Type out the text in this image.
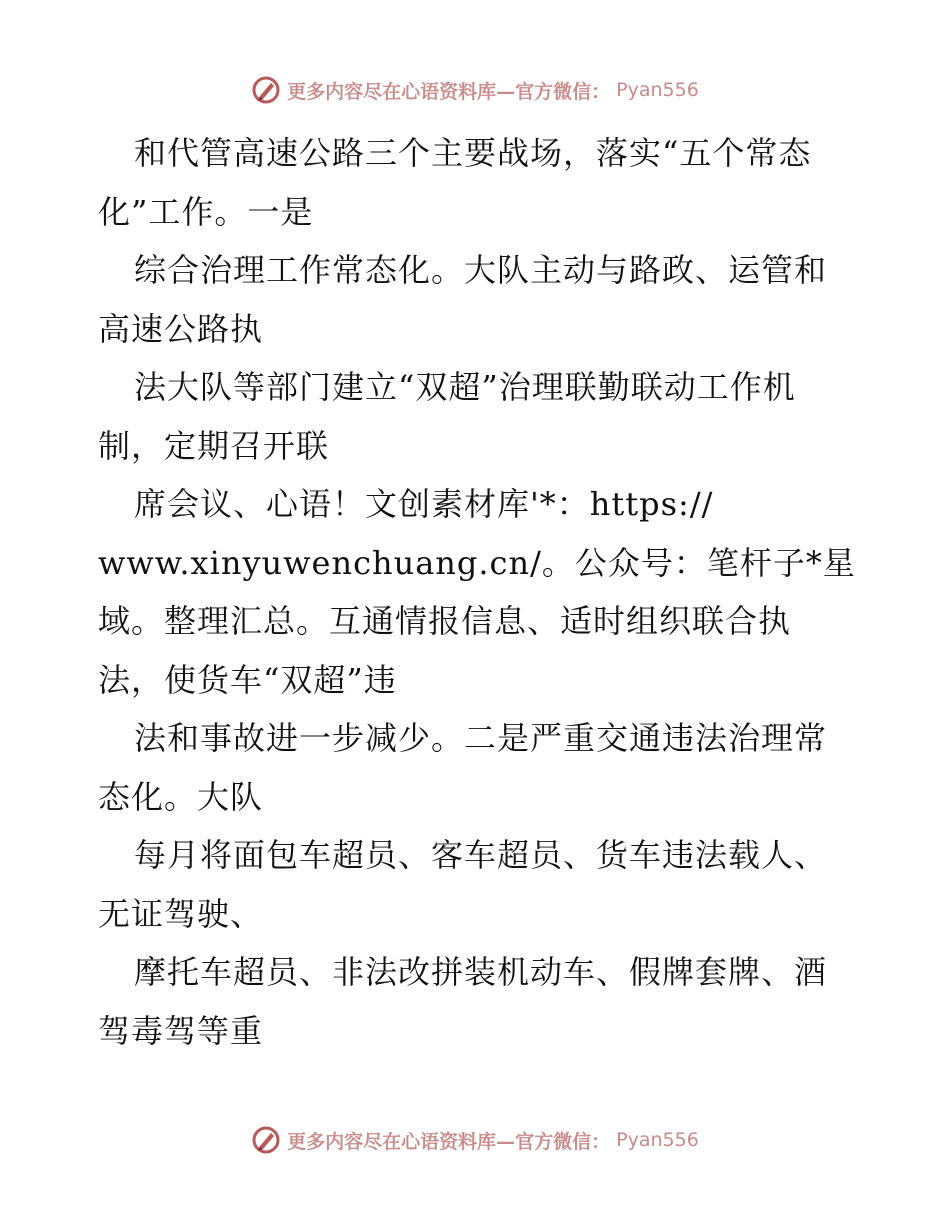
更多内容尽在心语资料库—官方微信： Pyan556
和代管高速公路三个主要战场，落实“五个常态
化”工作。一是
综合治理工作常态化。大队主动与路政、运管和
高速公路执
法大队等部门建立“双超”治理联勤联动工作机
制，定期召开联
席会议、心语！文创素材库'*：https://
www.xinyuwenchuang.cn/。公众号：笔杆子*星
域。整理汇总。互通情报信息、适时组织联合执
法，使货车“双超”违
法和事故进一步减少。二是严重交通违法治理常
态化。大队
每月将面包车超员、客车超员、货车违法载人、
无证驾驶、
摩托车超员、非法改拼装机动车、假牌套牌、酒
驾毒驾等重
更多内容尽在心语资料库—官方微信： Pyan556
